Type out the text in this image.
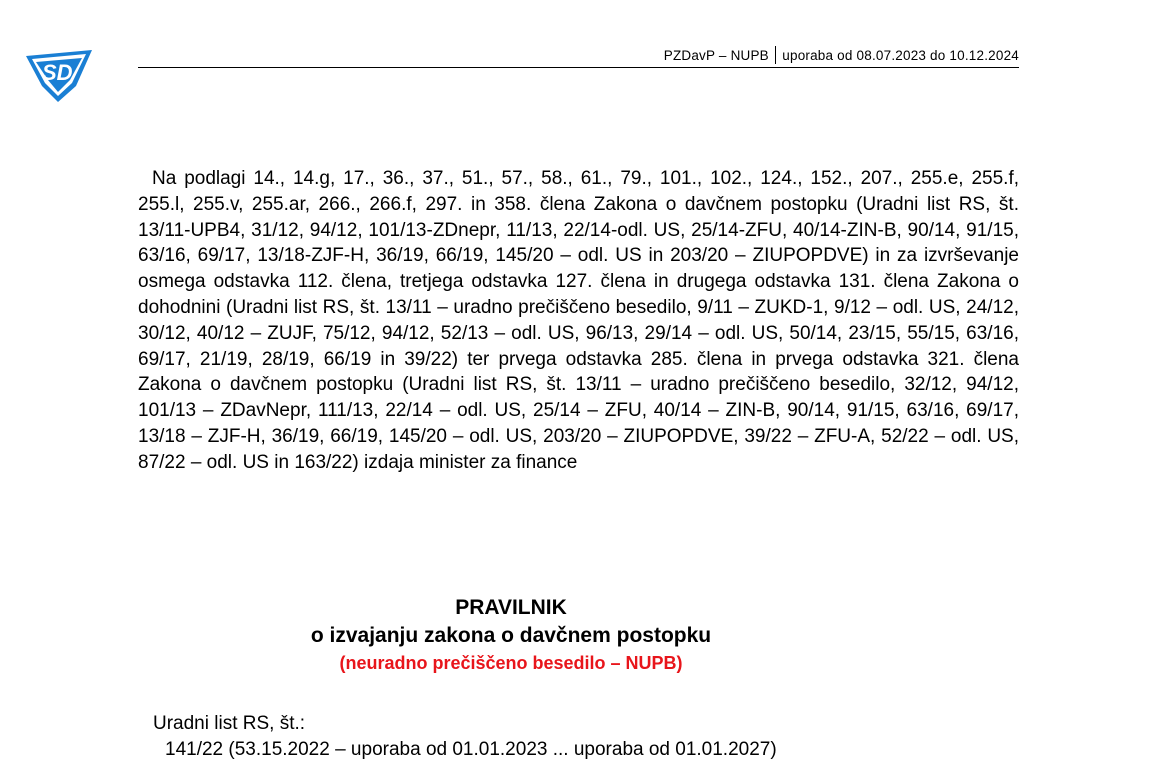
SD
PZDavP – NUPB uporaba od 08.07.2023 do 10.12.2024

Na podlagi 14., 14.g, 17., 36., 37., 51., 57., 58., 61., 79., 101., 102., 124., 152., 207., 255.e, 255.f, 255.l, 255.v, 255.ar, 266., 266.f, 297. in 358. člena Zakona o davčnem postopku (Uradni list RS, št. 13/11-UPB4, 31/12, 94/12, 101/13-ZDnepr, 11/13, 22/14-odl. US, 25/14-ZFU, 40/14-ZIN-B, 90/14, 91/15, 63/16, 69/17, 13/18-ZJF-H, 36/19, 66/19, 145/20 – odl. US in 203/20 – ZIUPOPDVE) in za izvrševanje osmega odstavka 112. člena, tretjega odstavka 127. člena in drugega odstavka 131. člena Zakona o dohodnini (Uradni list RS, št. 13/11 – uradno prečiščeno besedilo, 9/11 – ZUKD-1, 9/12 – odl. US, 24/12, 30/12, 40/12 – ZUJF, 75/12, 94/12, 52/13 – odl. US, 96/13, 29/14 – odl. US, 50/14, 23/15, 55/15, 63/16, 69/17, 21/19, 28/19, 66/19 in 39/22) ter prvega odstavka 285. člena in prvega odstavka 321. člena Zakona o davčnem postopku (Uradni list RS, št. 13/11 – uradno prečiščeno besedilo, 32/12, 94/12, 101/13 – ZDavNepr, 111/13, 22/14 – odl. US, 25/14 – ZFU, 40/14 – ZIN-B, 90/14, 91/15, 63/16, 69/17, 13/18 – ZJF-H, 36/19, 66/19, 145/20 – odl. US, 203/20 – ZIUPOPDVE, 39/22 – ZFU-A, 52/22 – odl. US, 87/22 – odl. US in 163/22) izdaja minister za finance

PRAVILNIK
o izvajanju zakona o davčnem postopku
(neuradno prečiščeno besedilo – NUPB)
Uradni list RS, št.:
141/22 (53.15.2022 – uporaba od 01.01.2023 ... uporaba od 01.01.2027)
